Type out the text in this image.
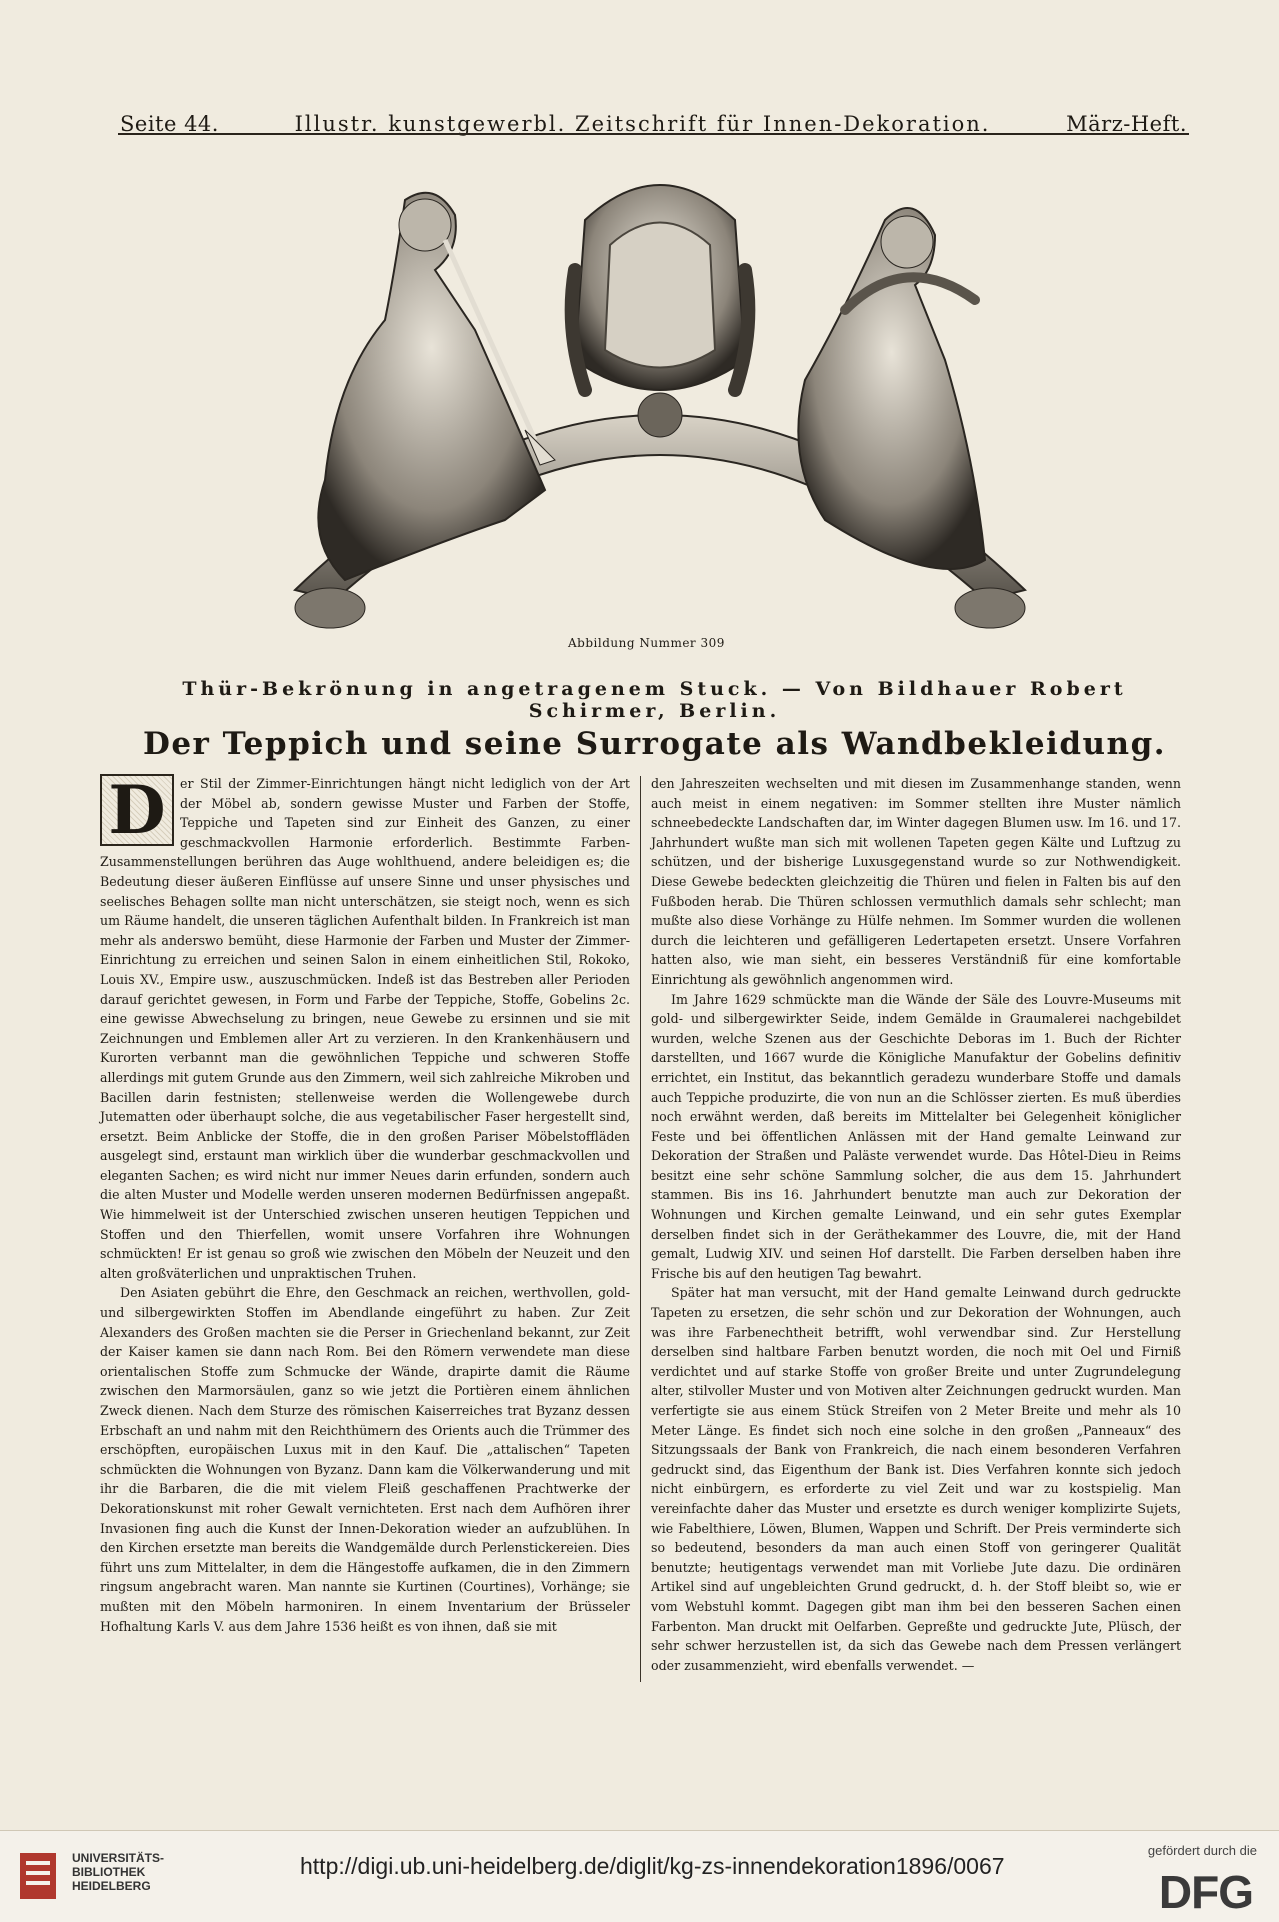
Seite 44.	Illustr. kunstgewerbl. Zeitschrift für Innen-Dekoration.	März-Heft.
Abbildung Nummer 309
Thür-Bekrönung in angetragenem Stuck. — Von Bildhauer Robert Schirmer, Berlin.
Der Teppich und seine Surrogate als Wandbekleidung.

D	er Stil der Zimmer-Einrichtungen hängt nicht lediglich von der Art der Möbel ab, sondern gewisse Muster und Farben der Stoffe, Teppiche und Tapeten sind zur Einheit des Ganzen, zu einer geschmackvollen Harmonie erforderlich. Bestimmte Farben-Zusammenstellungen berühren das Auge wohlthuend, andere beleidigen es; die Bedeutung dieser äußeren Einflüsse auf unsere Sinne und unser physisches und seelisches Behagen sollte man nicht unterschätzen, sie steigt noch, wenn es sich um Räume handelt, die unseren täglichen Aufenthalt bilden. In Frankreich ist man mehr als anderswo bemüht, diese Harmonie der Farben und Muster der Zimmer-Einrichtung zu erreichen und seinen Salon in einem einheitlichen Stil, Rokoko, Louis XV., Empire usw., auszuschmücken. Indeß ist das Bestreben aller Perioden darauf gerichtet gewesen, in Form und Farbe der Teppiche, Stoffe, Gobelins 2c. eine gewisse Abwechselung zu bringen, neue Gewebe zu ersinnen und sie mit Zeichnungen und Emblemen aller Art zu verzieren. In den Krankenhäusern und Kurorten verbannt man die gewöhnlichen Teppiche und schweren Stoffe allerdings mit gutem Grunde aus den Zimmern, weil sich zahlreiche Mikroben und Bacillen darin festnisten; stellenweise werden die Wollengewebe durch Jutematten oder überhaupt solche, die aus vegetabilischer Faser hergestellt sind, ersetzt. Beim Anblicke der Stoffe, die in den großen Pariser Möbelstoffläden ausgelegt sind, erstaunt man wirklich über die wunderbar geschmackvollen und eleganten Sachen; es wird nicht nur immer Neues darin erfunden, sondern auch die alten Muster und Modelle werden unseren modernen Bedürfnissen angepaßt. Wie himmelweit ist der Unterschied zwischen unseren heutigen Teppichen und Stoffen und den Thierfellen, womit unsere Vorfahren ihre Wohnungen schmückten! Er ist genau so groß wie zwischen den Möbeln der Neuzeit und den alten großväterlichen und unpraktischen Truhen.

Den Asiaten gebührt die Ehre, den Geschmack an reichen, werthvollen, gold- und silbergewirkten Stoffen im Abendlande eingeführt zu haben. Zur Zeit Alexanders des Großen machten sie die Perser in Griechenland bekannt, zur Zeit der Kaiser kamen sie dann nach Rom. Bei den Römern verwendete man diese orientalischen Stoffe zum Schmucke der Wände, drapirte damit die Räume zwischen den Marmorsäulen, ganz so wie jetzt die Portièren einem ähnlichen Zweck dienen. Nach dem Sturze des römischen Kaiserreiches trat Byzanz dessen Erbschaft an und nahm mit den Reichthümern des Orients auch die Trümmer des erschöpften, europäischen Luxus mit in den Kauf. Die „attalischen“ Tapeten schmückten die Wohnungen von Byzanz. Dann kam die Völkerwanderung und mit ihr die Barbaren, die die mit vielem Fleiß geschaffenen Prachtwerke der Dekorationskunst mit roher Gewalt vernichteten. Erst nach dem Aufhören ihrer Invasionen fing auch die Kunst der Innen-Dekoration wieder an aufzublühen. In den Kirchen ersetzte man bereits die Wandgemälde durch Perlenstickereien. Dies führt uns zum Mittelalter, in dem die Hängestoffe aufkamen, die in den Zimmern ringsum angebracht waren. Man nannte sie Kurtinen (Courtines), Vorhänge; sie mußten mit den Möbeln harmoniren. In einem Inventarium der Brüsseler Hofhaltung Karls V. aus dem Jahre 1536 heißt es von ihnen, daß sie mit

den Jahreszeiten wechselten und mit diesen im Zusammenhange standen, wenn auch meist in einem negativen: im Sommer stellten ihre Muster nämlich schneebedeckte Landschaften dar, im Winter dagegen Blumen usw. Im 16. und 17. Jahrhundert wußte man sich mit wollenen Tapeten gegen Kälte und Luftzug zu schützen, und der bisherige Luxusgegenstand wurde so zur Nothwendigkeit. Diese Gewebe bedeckten gleichzeitig die Thüren und fielen in Falten bis auf den Fußboden herab. Die Thüren schlossen vermuthlich damals sehr schlecht; man mußte also diese Vorhänge zu Hülfe nehmen. Im Sommer wurden die wollenen durch die leichteren und gefälligeren Ledertapeten ersetzt. Unsere Vorfahren hatten also, wie man sieht, ein besseres Verständniß für eine komfortable Einrichtung als gewöhnlich angenommen wird.

Im Jahre 1629 schmückte man die Wände der Säle des Louvre-Museums mit gold- und silbergewirkter Seide, indem Gemälde in Graumalerei nachgebildet wurden, welche Szenen aus der Geschichte Deboras im 1. Buch der Richter darstellten, und 1667 wurde die Königliche Manufaktur der Gobelins definitiv errichtet, ein Institut, das bekanntlich geradezu wunderbare Stoffe und damals auch Teppiche produzirte, die von nun an die Schlösser zierten. Es muß überdies noch erwähnt werden, daß bereits im Mittelalter bei Gelegenheit königlicher Feste und bei öffentlichen Anlässen mit der Hand gemalte Leinwand zur Dekoration der Straßen und Paläste verwendet wurde. Das Hôtel-Dieu in Reims besitzt eine sehr schöne Sammlung solcher, die aus dem 15. Jahrhundert stammen. Bis ins 16. Jahrhundert benutzte man auch zur Dekoration der Wohnungen und Kirchen gemalte Leinwand, und ein sehr gutes Exemplar derselben findet sich in der Geräthekammer des Louvre, die, mit der Hand gemalt, Ludwig XIV. und seinen Hof darstellt. Die Farben derselben haben ihre Frische bis auf den heutigen Tag bewahrt.

Später hat man versucht, mit der Hand gemalte Leinwand durch gedruckte Tapeten zu ersetzen, die sehr schön und zur Dekoration der Wohnungen, auch was ihre Farbenechtheit betrifft, wohl verwendbar sind. Zur Herstellung derselben sind haltbare Farben benutzt worden, die noch mit Oel und Firniß verdichtet und auf starke Stoffe von großer Breite und unter Zugrundelegung alter, stilvoller Muster und von Motiven alter Zeichnungen gedruckt wurden. Man verfertigte sie aus einem Stück Streifen von 2 Meter Breite und mehr als 10 Meter Länge. Es findet sich noch eine solche in den großen „Panneaux“ des Sitzungssaals der Bank von Frankreich, die nach einem besonderen Verfahren gedruckt sind, das Eigenthum der Bank ist. Dies Verfahren konnte sich jedoch nicht einbürgern, es erforderte zu viel Zeit und war zu kostspielig. Man vereinfachte daher das Muster und ersetzte es durch weniger komplizirte Sujets, wie Fabelthiere, Löwen, Blumen, Wappen und Schrift. Der Preis verminderte sich so bedeutend, besonders da man auch einen Stoff von geringerer Qualität benutzte; heutigentags verwendet man mit Vorliebe Jute dazu. Die ordinären Artikel sind auf ungebleichten Grund gedruckt, d. h. der Stoff bleibt so, wie er vom Webstuhl kommt. Dagegen gibt man ihm bei den besseren Sachen einen Farbenton. Man druckt mit Oelfarben. Gepreßte und gedruckte Jute, Plüsch, der sehr schwer herzustellen ist, da sich das Gewebe nach dem Pressen verlängert oder zusammenzieht, wird ebenfalls verwendet. —

UNIVERSITÄTS-
BIBLIOTHEK
HEIDELBERG
http://digi.ub.uni-heidelberg.de/diglit/kg-zs-innendekoration1896/0067
gefördert durch die
DFG
